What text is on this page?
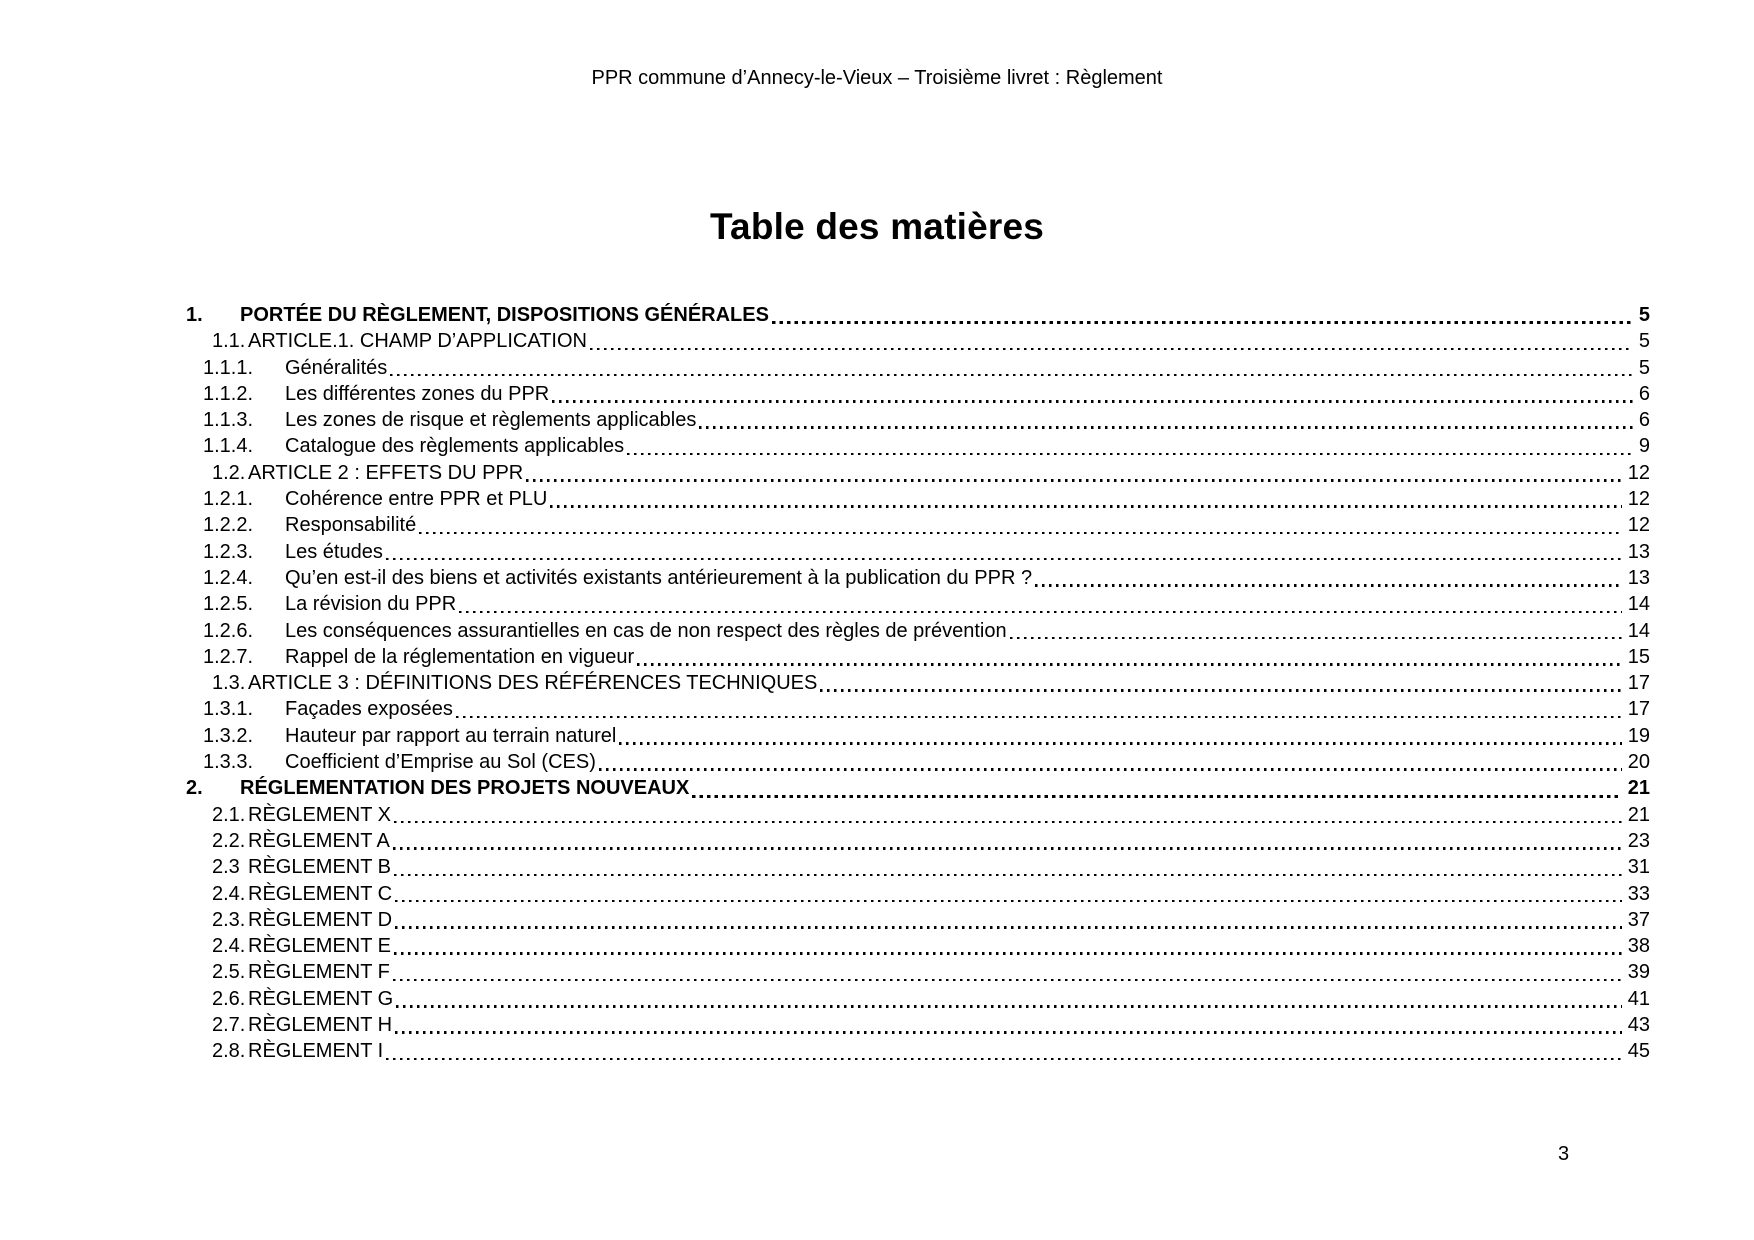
PPR commune d’Annecy-le-Vieux – Troisième livret : Règlement
Table des matières
1.	PORTÉE DU RÈGLEMENT, DISPOSITIONS GÉNÉRALES	5
1.1. ARTICLE.1. CHAMP D’APPLICATION	5
1.1.1.	Généralités	5
1.1.2.	Les différentes zones du PPR	6
1.1.3.	Les zones de risque et règlements applicables	6
1.1.4.	Catalogue des règlements applicables	9
1.2. ARTICLE 2 : EFFETS DU PPR	12
1.2.1.	Cohérence entre PPR et PLU	12
1.2.2.	Responsabilité	12
1.2.3.	Les études	13
1.2.4.	Qu’en est-il des biens et activités existants antérieurement à la publication du PPR ?	13
1.2.5.	La révision du PPR	14
1.2.6.	Les conséquences assurantielles en cas de non respect des règles de prévention	14
1.2.7.	Rappel de la réglementation en vigueur	15
1.3. ARTICLE 3 : DÉFINITIONS DES RÉFÉRENCES TECHNIQUES	17
1.3.1.	Façades exposées	17
1.3.2.	Hauteur par rapport au terrain naturel	19
1.3.3.	Coefficient d’Emprise au Sol (CES)	20
2.	RÉGLEMENTATION DES PROJETS NOUVEAUX	21
2.1. RÈGLEMENT X	21
2.2. RÈGLEMENT A	23
2.3 RÈGLEMENT B	31
2.4. RÈGLEMENT C	33
2.3. RÈGLEMENT D	37
2.4. RÈGLEMENT E	38
2.5. RÈGLEMENT F	39
2.6. RÈGLEMENT G	41
2.7. RÈGLEMENT H	43
2.8. RÈGLEMENT I	45
3
